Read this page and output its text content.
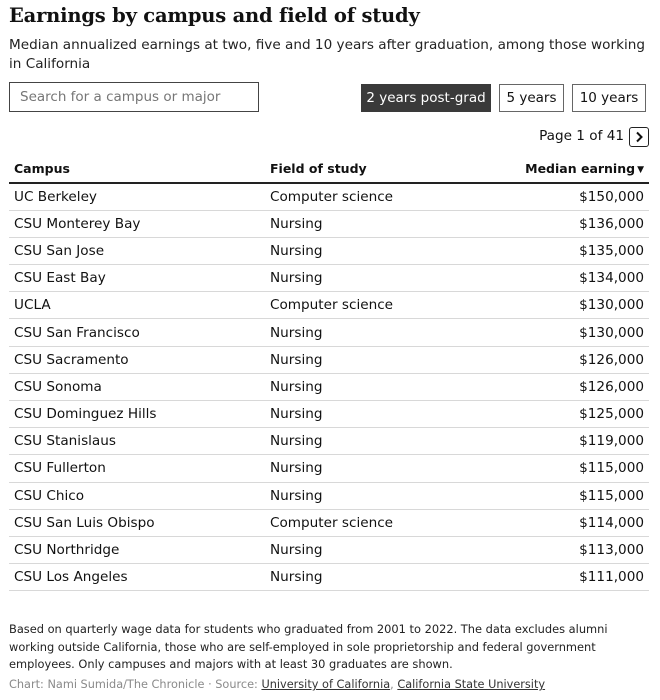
Earnings by campus and field of study
Median annualized earnings at two, five and 10 years after graduation, among those working in California
Search for a campus or major
2 years post-grad	5 years	10 years
Page 1 of 41
Campus	Field of study	Median earning ▼
UC Berkeley	Computer science	$150,000
CSU Monterey Bay	Nursing	$136,000
CSU San Jose	Nursing	$135,000
CSU East Bay	Nursing	$134,000
UCLA	Computer science	$130,000
CSU San Francisco	Nursing	$130,000
CSU Sacramento	Nursing	$126,000
CSU Sonoma	Nursing	$126,000
CSU Dominguez Hills	Nursing	$125,000
CSU Stanislaus	Nursing	$119,000
CSU Fullerton	Nursing	$115,000
CSU Chico	Nursing	$115,000
CSU San Luis Obispo	Computer science	$114,000
CSU Northridge	Nursing	$113,000
CSU Los Angeles	Nursing	$111,000
Based on quarterly wage data for students who graduated from 2001 to 2022. The data excludes alumni working outside California, those who are self-employed in sole proprietorship and federal government employees. Only campuses and majors with at least 30 graduates are shown.
Chart: Nami Sumida/The Chronicle · Source: University of California, California State University
